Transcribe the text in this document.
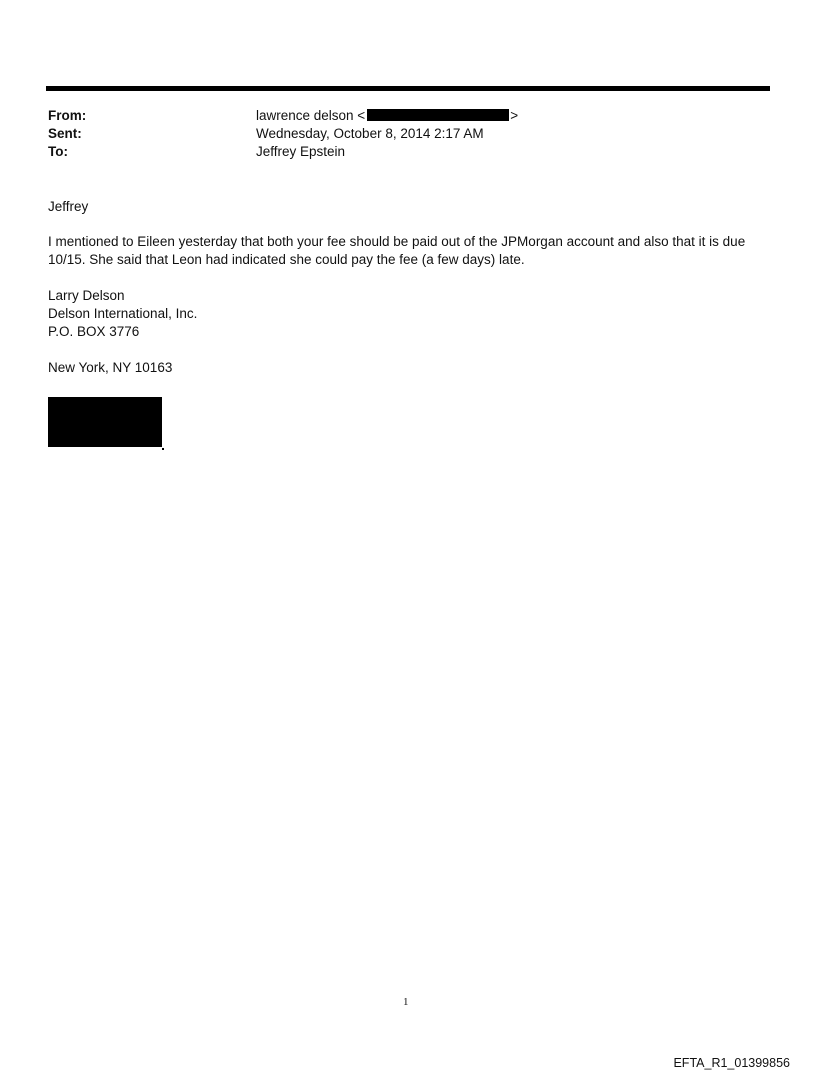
From:	lawrence delson <	>
Sent:	Wednesday, October 8, 2014 2:17 AM
To:	Jeffrey Epstein
Jeffrey
I mentioned to Eileen yesterday that both your fee should be paid out of the JPMorgan account and also that it is due
10/15. She said that Leon had indicated she could pay the fee (a few days) late.
Larry Delson
Delson International, Inc.
P.O. BOX 3776
New York, NY 10163
1
EFTA_R1_01399856
